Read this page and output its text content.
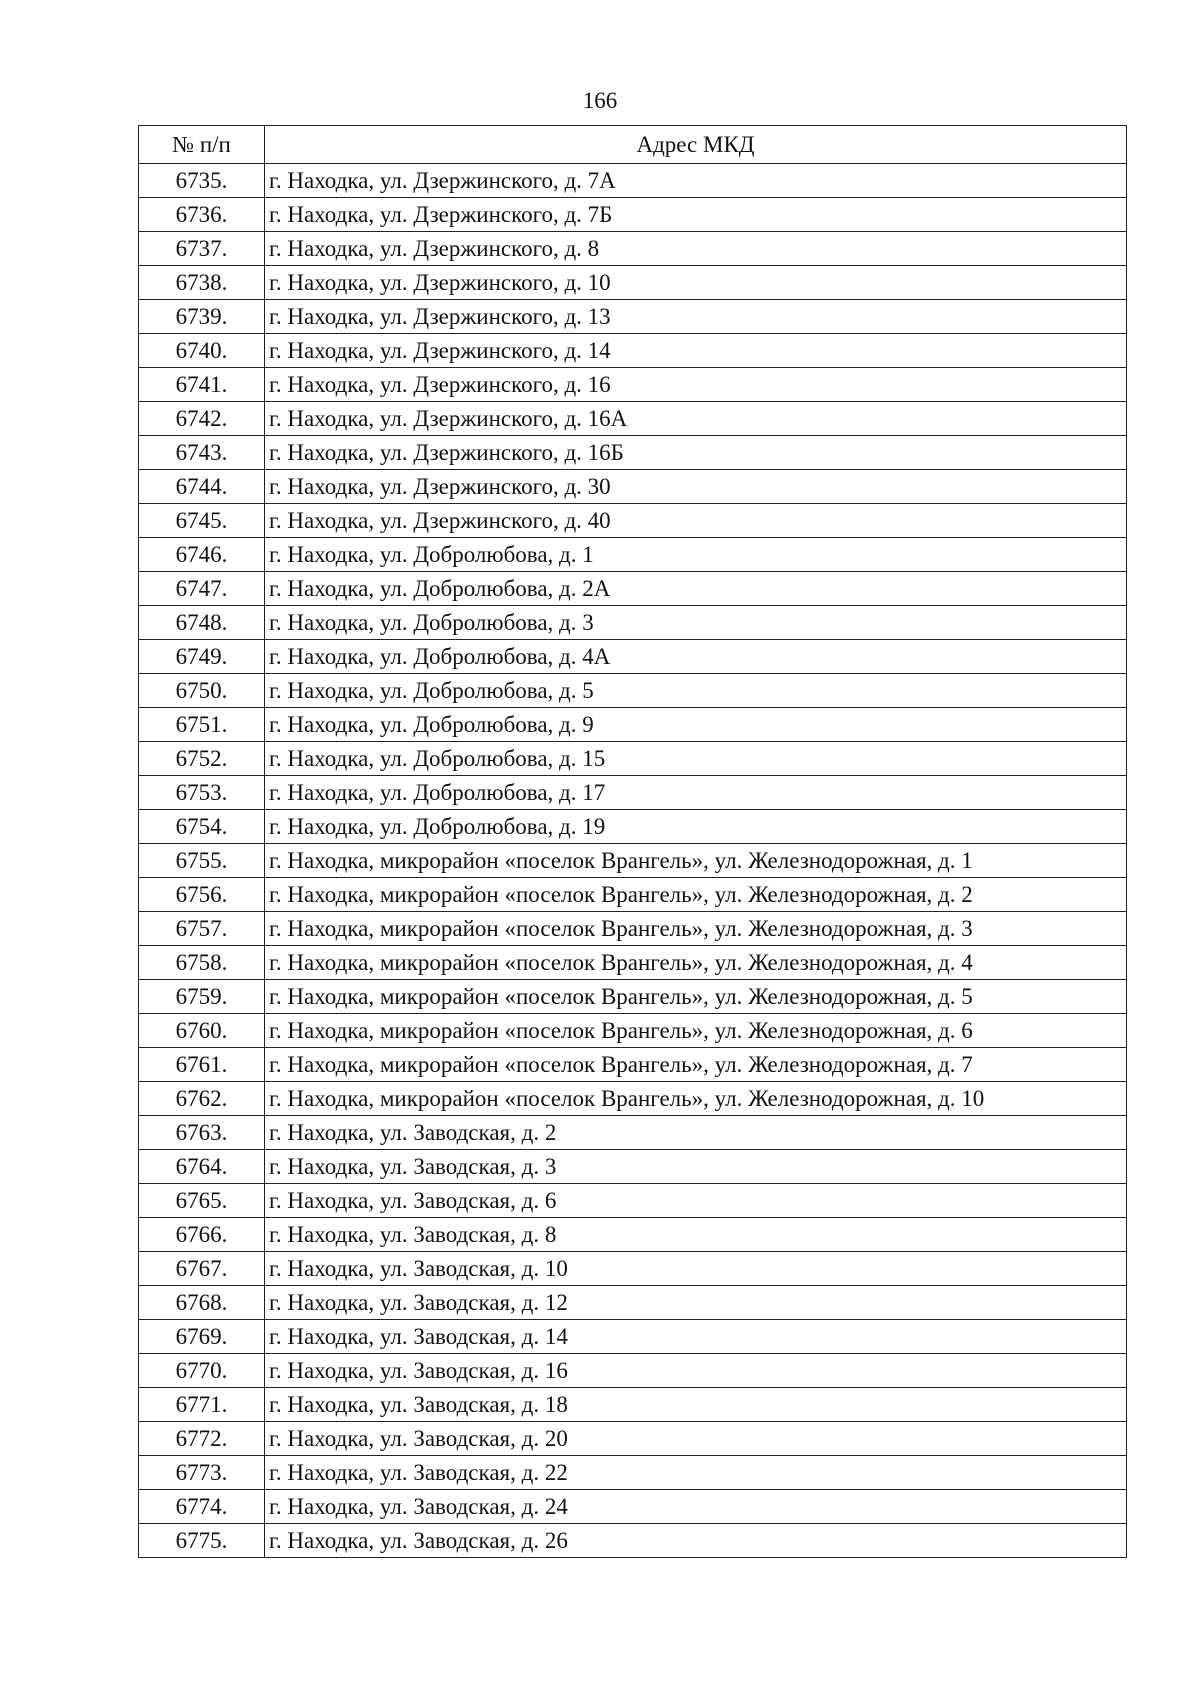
166
№ п/п	Адрес МКД
6735.	г. Находка, ул. Дзержинского, д. 7А
6736.	г. Находка, ул. Дзержинского, д. 7Б
6737.	г. Находка, ул. Дзержинского, д. 8
6738.	г. Находка, ул. Дзержинского, д. 10
6739.	г. Находка, ул. Дзержинского, д. 13
6740.	г. Находка, ул. Дзержинского, д. 14
6741.	г. Находка, ул. Дзержинского, д. 16
6742.	г. Находка, ул. Дзержинского, д. 16А
6743.	г. Находка, ул. Дзержинского, д. 16Б
6744.	г. Находка, ул. Дзержинского, д. 30
6745.	г. Находка, ул. Дзержинского, д. 40
6746.	г. Находка, ул. Добролюбова, д. 1
6747.	г. Находка, ул. Добролюбова, д. 2А
6748.	г. Находка, ул. Добролюбова, д. 3
6749.	г. Находка, ул. Добролюбова, д. 4А
6750.	г. Находка, ул. Добролюбова, д. 5
6751.	г. Находка, ул. Добролюбова, д. 9
6752.	г. Находка, ул. Добролюбова, д. 15
6753.	г. Находка, ул. Добролюбова, д. 17
6754.	г. Находка, ул. Добролюбова, д. 19
6755.	г. Находка, микрорайон «поселок Врангель», ул. Железнодорожная, д. 1
6756.	г. Находка, микрорайон «поселок Врангель», ул. Железнодорожная, д. 2
6757.	г. Находка, микрорайон «поселок Врангель», ул. Железнодорожная, д. 3
6758.	г. Находка, микрорайон «поселок Врангель», ул. Железнодорожная, д. 4
6759.	г. Находка, микрорайон «поселок Врангель», ул. Железнодорожная, д. 5
6760.	г. Находка, микрорайон «поселок Врангель», ул. Железнодорожная, д. 6
6761.	г. Находка, микрорайон «поселок Врангель», ул. Железнодорожная, д. 7
6762.	г. Находка, микрорайон «поселок Врангель», ул. Железнодорожная, д. 10
6763.	г. Находка, ул. Заводская, д. 2
6764.	г. Находка, ул. Заводская, д. 3
6765.	г. Находка, ул. Заводская, д. 6
6766.	г. Находка, ул. Заводская, д. 8
6767.	г. Находка, ул. Заводская, д. 10
6768.	г. Находка, ул. Заводская, д. 12
6769.	г. Находка, ул. Заводская, д. 14
6770.	г. Находка, ул. Заводская, д. 16
6771.	г. Находка, ул. Заводская, д. 18
6772.	г. Находка, ул. Заводская, д. 20
6773.	г. Находка, ул. Заводская, д. 22
6774.	г. Находка, ул. Заводская, д. 24
6775.	г. Находка, ул. Заводская, д. 26
